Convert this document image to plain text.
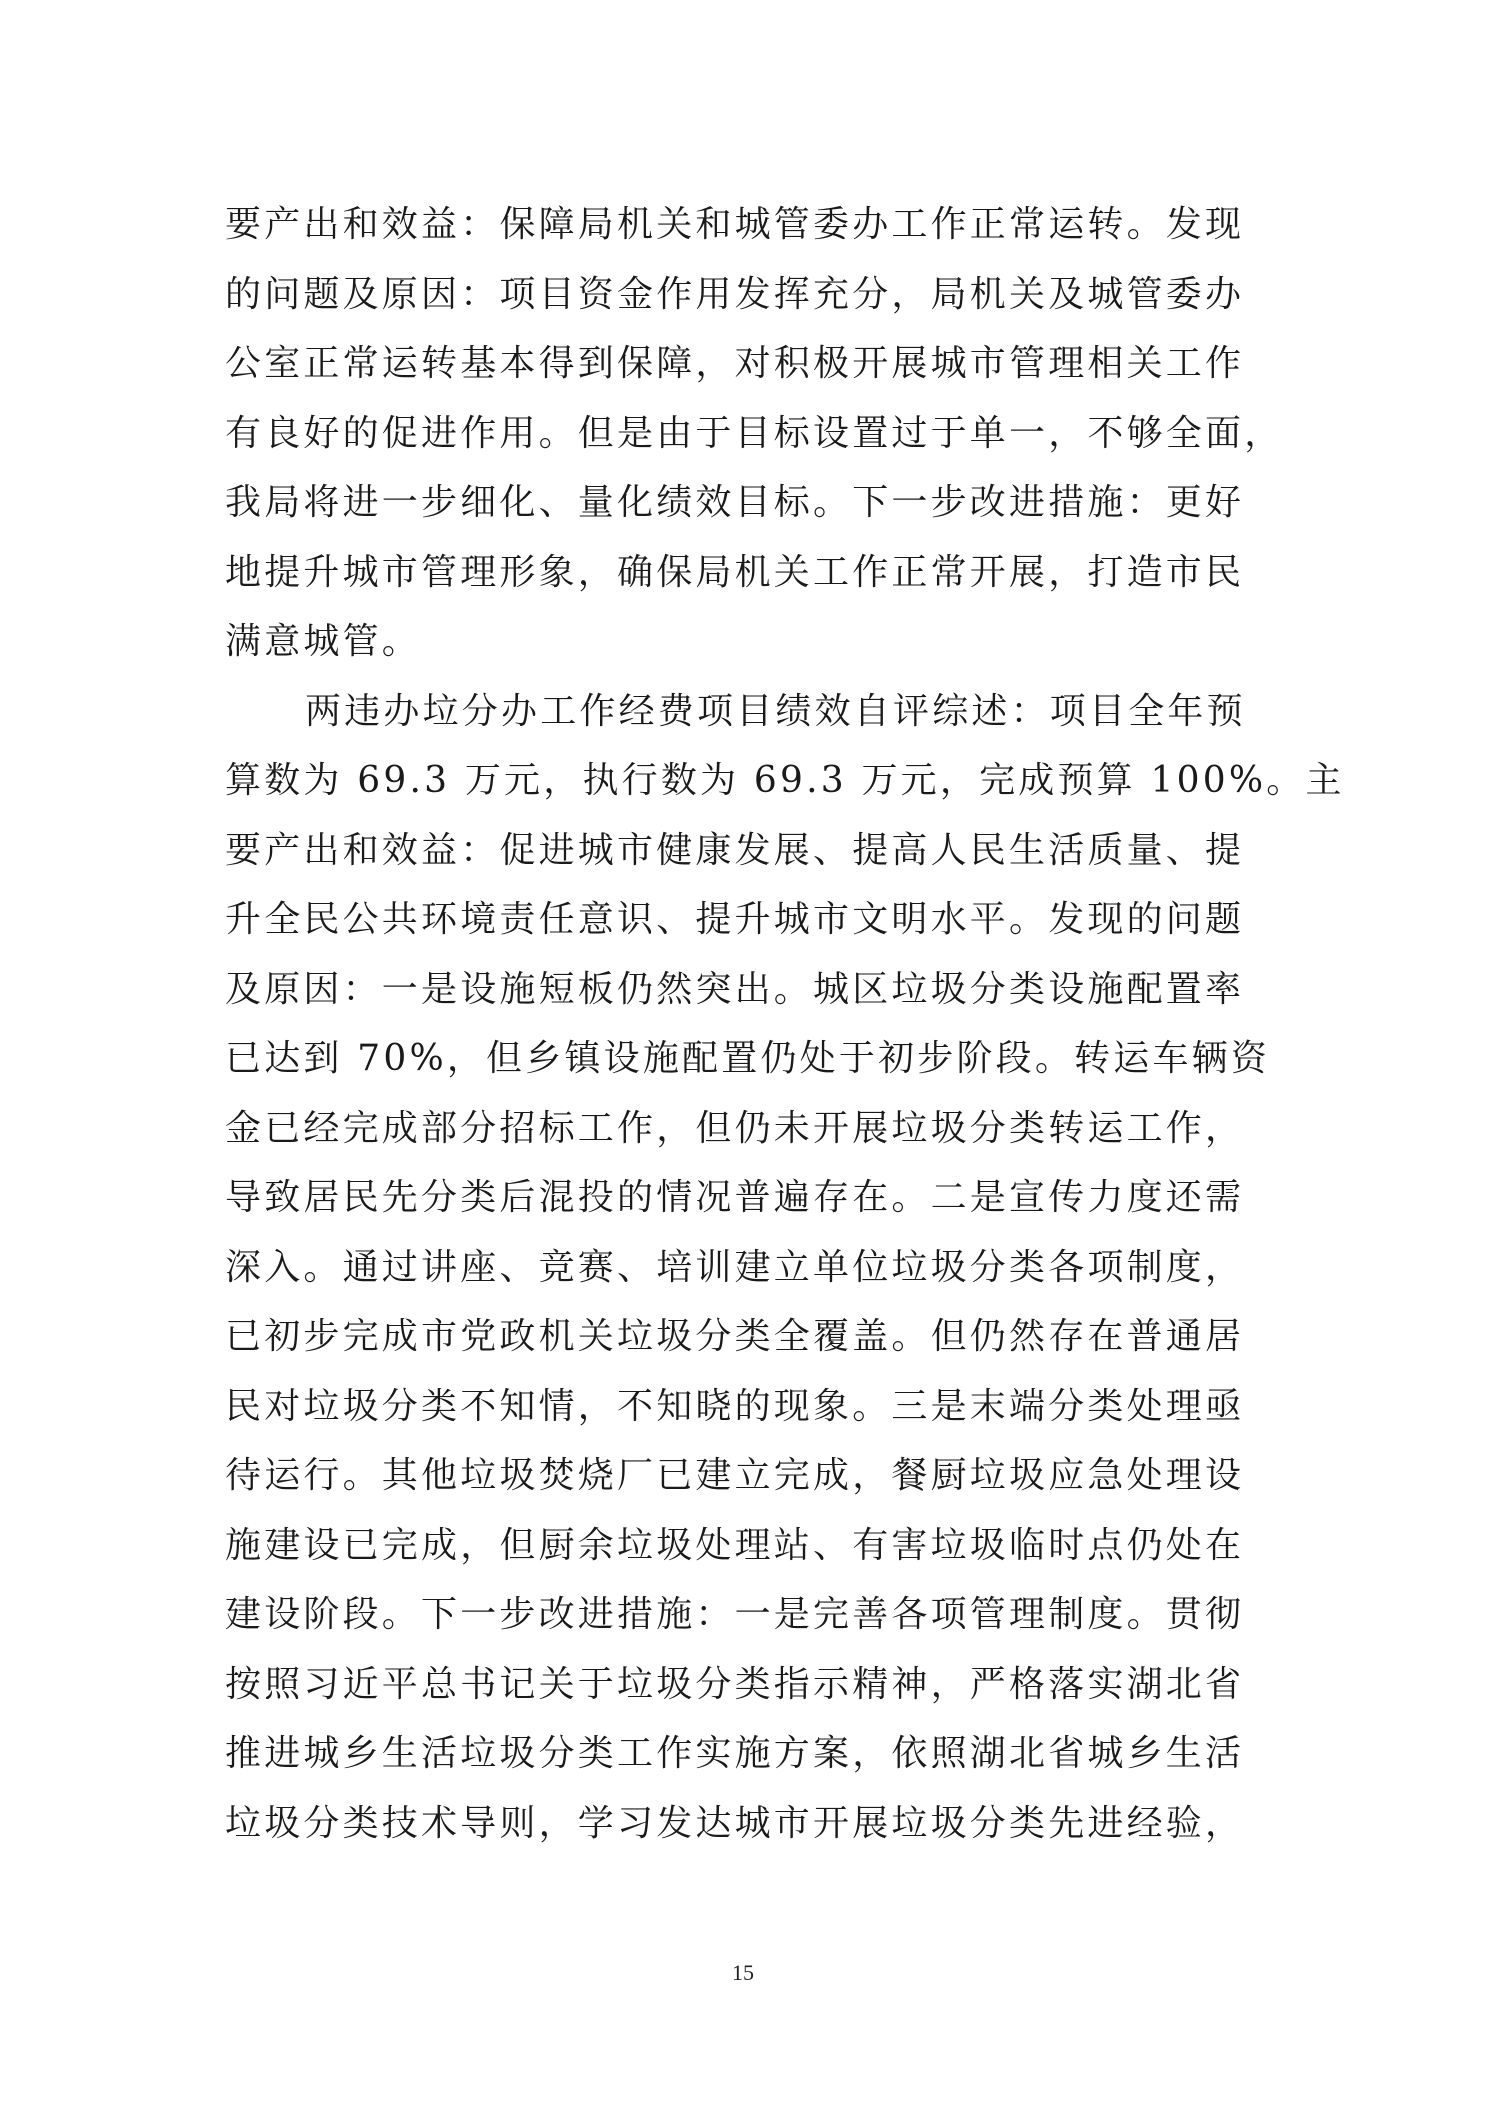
要产出和效益：保障局机关和城管委办工作正常运转。发现
的问题及原因：项目资金作用发挥充分，局机关及城管委办
公室正常运转基本得到保障，对积极开展城市管理相关工作
有良好的促进作用。但是由于目标设置过于单一，不够全面，
我局将进一步细化、量化绩效目标。下一步改进措施：更好
地提升城市管理形象，确保局机关工作正常开展，打造市民
满意城管。
两违办垃分办工作经费项目绩效自评综述：项目全年预
算数为 69.3 万元，执行数为 69.3 万元，完成预算 100%。主
要产出和效益：促进城市健康发展、提高人民生活质量、提
升全民公共环境责任意识、提升城市文明水平。发现的问题
及原因：一是设施短板仍然突出。城区垃圾分类设施配置率
已达到 70%，但乡镇设施配置仍处于初步阶段。转运车辆资
金已经完成部分招标工作，但仍未开展垃圾分类转运工作，
导致居民先分类后混投的情况普遍存在。二是宣传力度还需
深入。通过讲座、竞赛、培训建立单位垃圾分类各项制度，
已初步完成市党政机关垃圾分类全覆盖。但仍然存在普通居
民对垃圾分类不知情，不知晓的现象。三是末端分类处理亟
待运行。其他垃圾焚烧厂已建立完成，餐厨垃圾应急处理设
施建设已完成，但厨余垃圾处理站、有害垃圾临时点仍处在
建设阶段。下一步改进措施：一是完善各项管理制度。贯彻
按照习近平总书记关于垃圾分类指示精神，严格落实湖北省
推进城乡生活垃圾分类工作实施方案，依照湖北省城乡生活
垃圾分类技术导则，学习发达城市开展垃圾分类先进经验，
15
